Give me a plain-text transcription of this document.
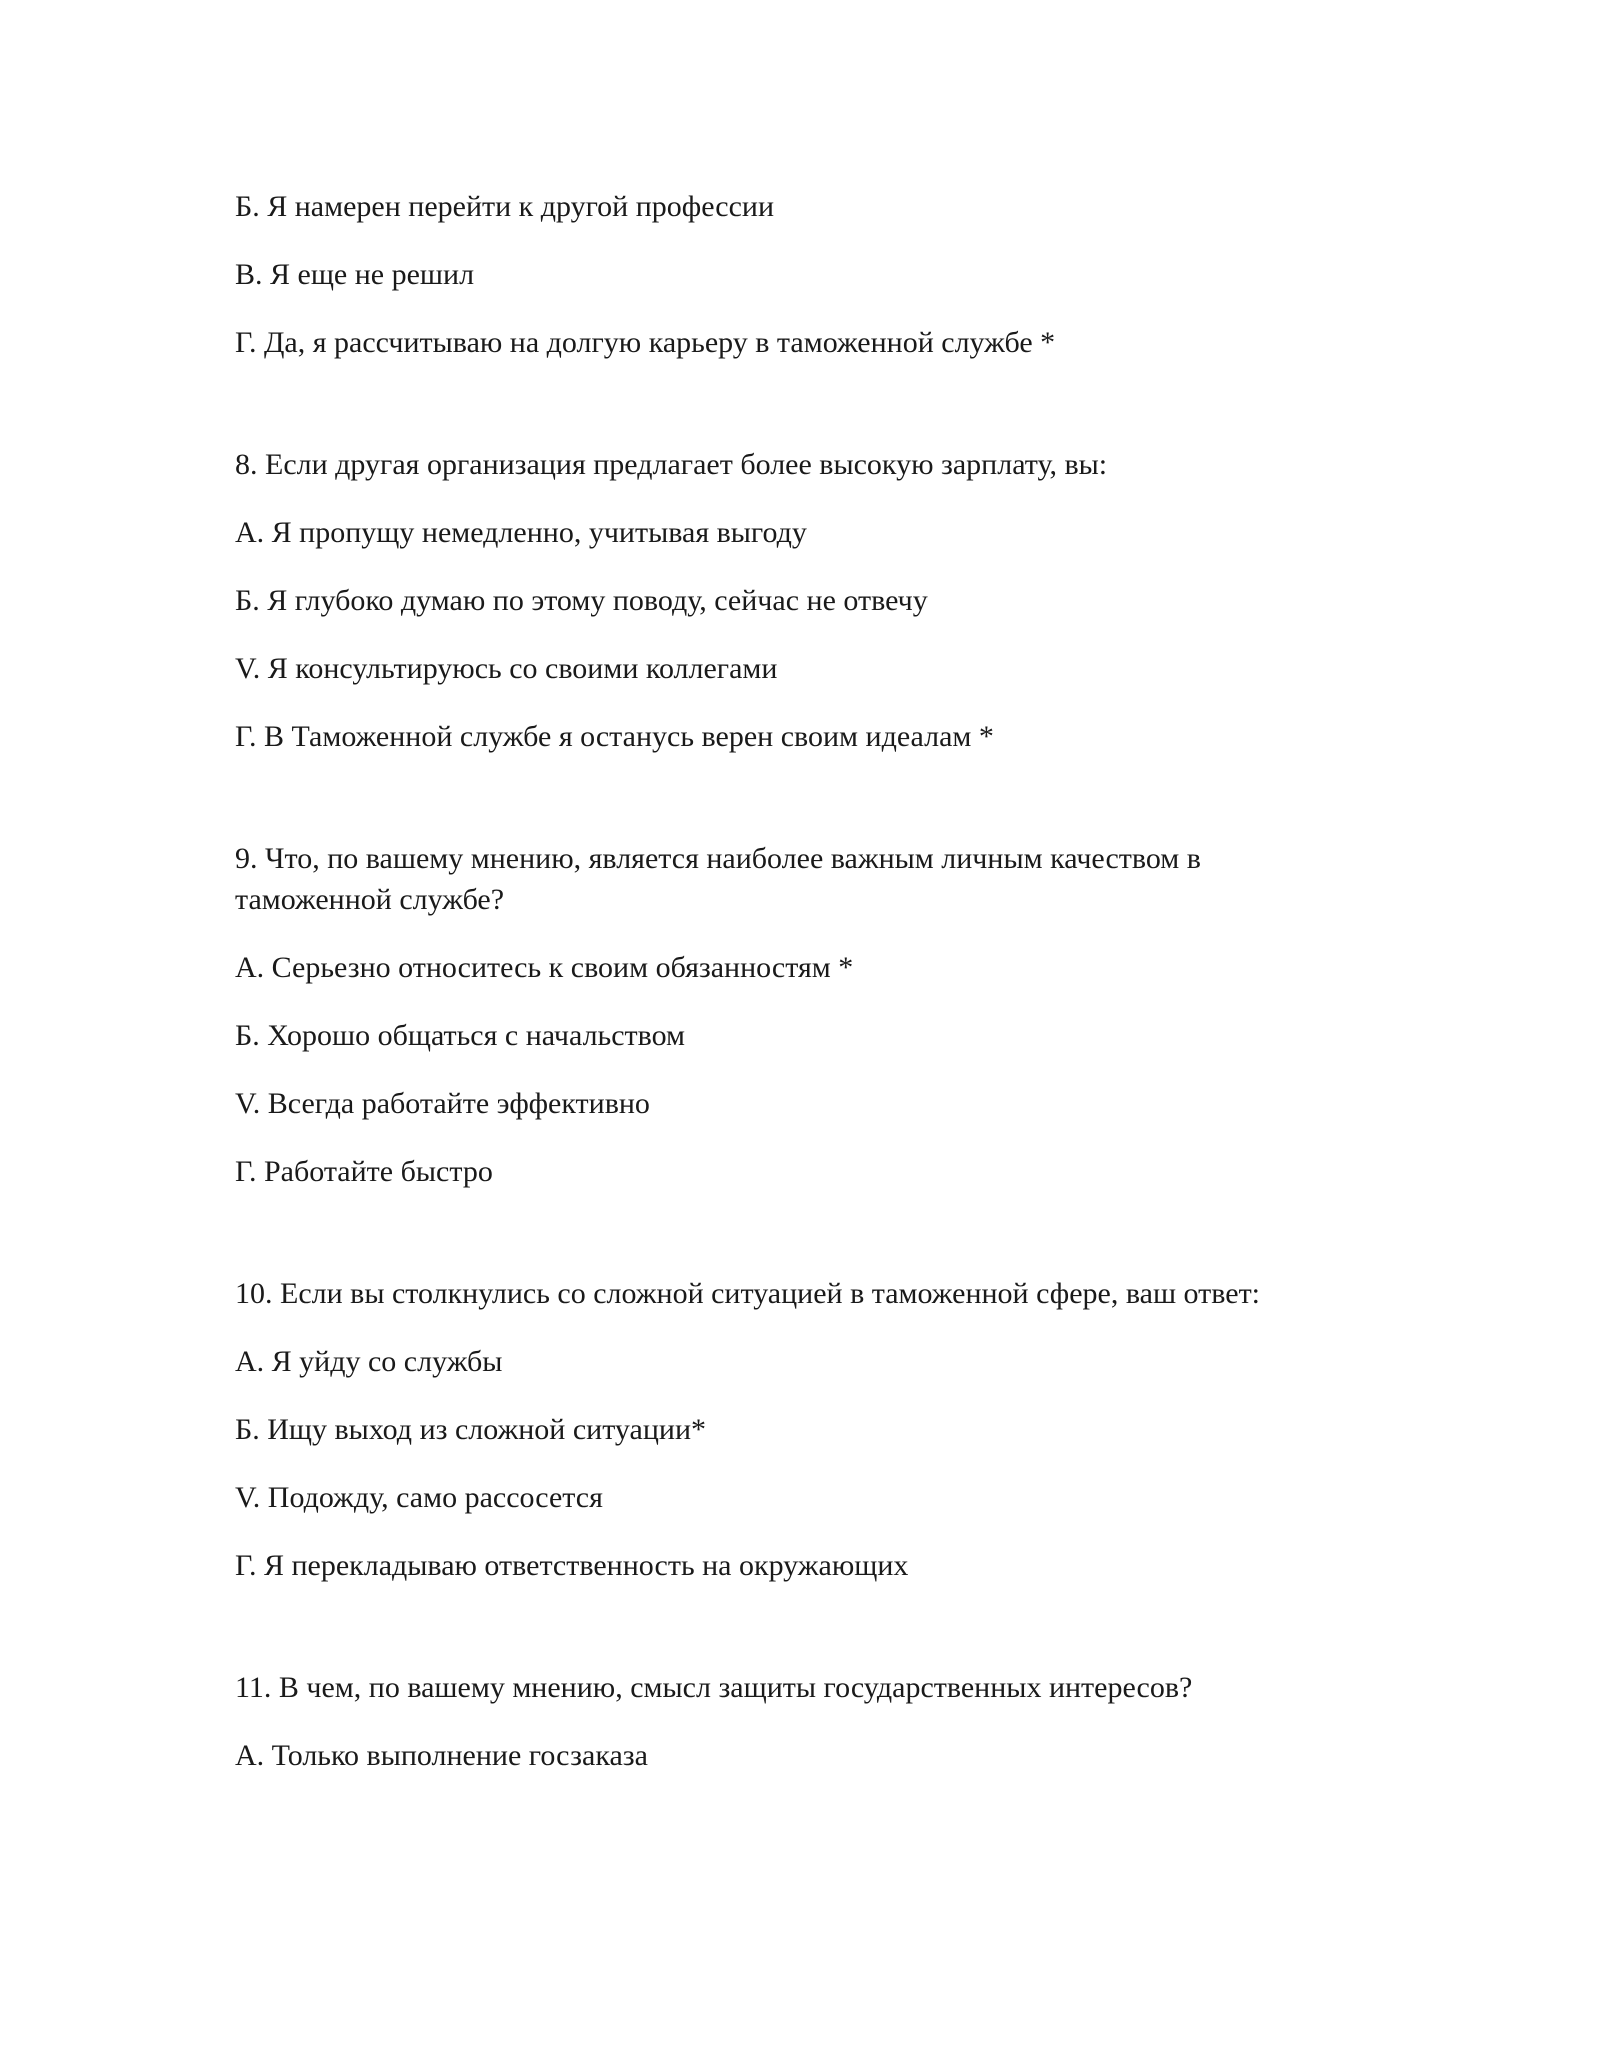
Б. Я намерен перейти к другой профессии

В. Я еще не решил

Г. Да, я рассчитываю на долгую карьеру в таможенной службе *

8. Если другая организация предлагает более высокую зарплату, вы:

А. Я пропущу немедленно, учитывая выгоду

Б. Я глубоко думаю по этому поводу, сейчас не отвечу

V. Я консультируюсь со своими коллегами

Г. В Таможенной службе я останусь верен своим идеалам *

9. Что, по вашему мнению, является наиболее важным личным качеством в таможенной службе?

А. Серьезно относитесь к своим обязанностям *

Б. Хорошо общаться с начальством

V. Всегда работайте эффективно

Г. Работайте быстро

10. Если вы столкнулись со сложной ситуацией в таможенной сфере, ваш ответ:

А. Я уйду со службы

Б. Ищу выход из сложной ситуации*

V. Подожду, само рассосется

Г. Я перекладываю ответственность на окружающих

11. В чем, по вашему мнению, смысл защиты государственных интересов?

А. Только выполнение госзаказа
